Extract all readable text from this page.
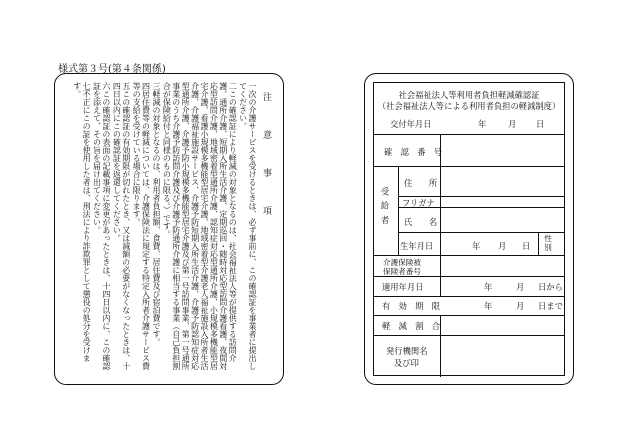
様式第３号(第４条関係)
注　意　事　項
一次の介護サービスを受けるときは、必ず事前に、この確認証を事業者に提出してください。
二この確認証により軽減の対象となるのは、社会福祉法人等が提供する訪問介護、通所介護、短期入所生活介護、定期巡回・随時対応型訪問介護看護、夜間対応型訪問介護、地域密着型通所介護、認知症対応型通所介護、小規模多機能型居宅介護、看護小規模多機能型居宅介護、地域密着型介護老人福祉施設入所者生活介護、介護福祉施設サービス、介護予防短期入所生活介護、介護予防認知症対応型通所介護、介護予防小規模多機能型居宅介護及び第一号訪問事業、第一号通所事業のうち介護予防訪問介護及び介護予防通所介護に相当する事業（自己負担割合が保険給付と同様のものに限る。）です。
三軽減の対象となるのは、利用者負担額、食費、居住費及び宿泊費です。
四居住費等の軽減については、介護保険法に規定する特定入所者介護サービス費等の支給を受けている場合に限ります。
五この確認証の有効期限が切れたとき、又は減額の必要がなくなったときは、十四日以内にこの確認証を返還してください。
六この確認証の表面の記載事項に変更があったときは、十四日以内に、この確認証を添えて、その旨を届け出てください。
七不正にこの証を使用した者は、刑法により詐欺罪として懲役の処分を受けます。	社会福祉法人等利用者負担軽減確認証
（社会福祉法人等による利用者負担の軽減制度）
交付年月日	年	月 日
確　認　番　号
受給者
住　　所
フリガナ
氏　　名
生年月日	年 月 日
性別
介護保険被
保険者番号
適用年月日	年	月 日から
有　効　期　限	年	月 日まで
軽　減　割　合
発行機関名
及び印
